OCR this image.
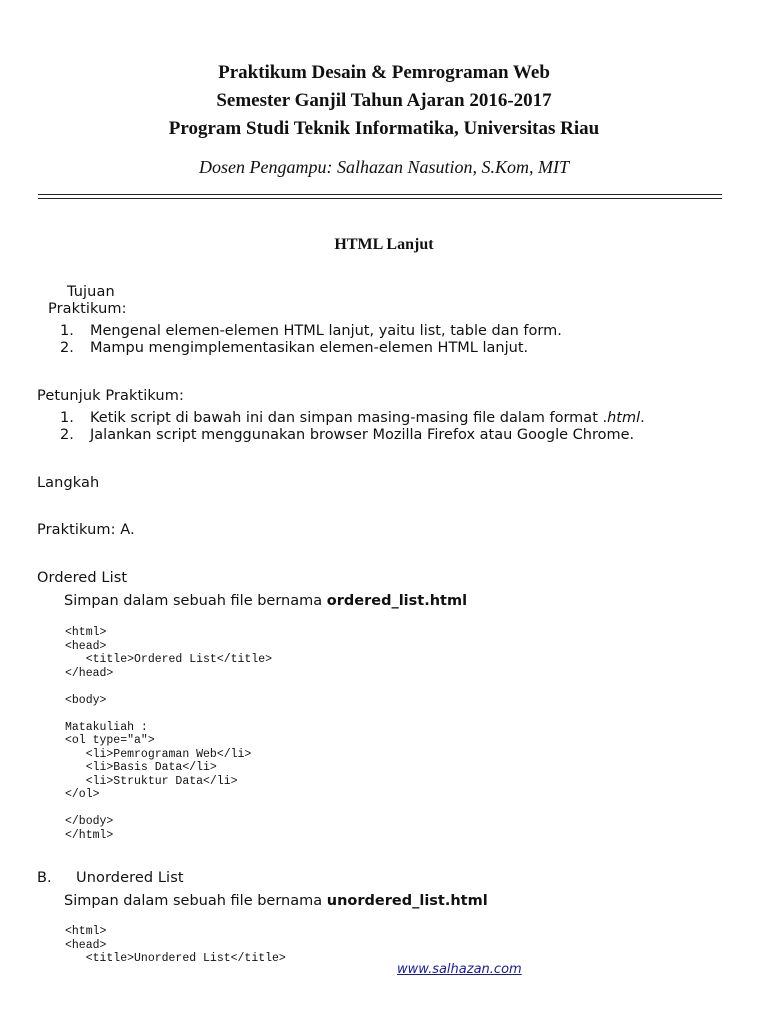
Praktikum Desain & Pemrograman Web
Semester Ganjil Tahun Ajaran 2016-2017
Program Studi Teknik Informatika, Universitas Riau
Dosen Pengampu: Salhazan Nasution, S.Kom, MIT
HTML Lanjut
Tujuan
Praktikum:
1. Mengenal elemen-elemen HTML lanjut, yaitu list, table dan form.
2. Mampu mengimplementasikan elemen-elemen HTML lanjut.
Petunjuk Praktikum:
1. Ketik script di bawah ini dan simpan masing-masing file dalam format .html.
2. Jalankan script menggunakan browser Mozilla Firefox atau Google Chrome.
Langkah
Praktikum: A.
Ordered List
Simpan dalam sebuah file bernama ordered_list.html
<html>
<head>
<title>Ordered List</title>
</head>

<body>

Matakuliah :
<ol type="a">
<li>Pemrograman Web</li>
<li>Basis Data</li>
<li>Struktur Data</li>
</ol>

</body>
</html>
B. Unordered List
Simpan dalam sebuah file bernama unordered_list.html
<html>
<head>
<title>Unordered List</title>
www.salhazan.com
